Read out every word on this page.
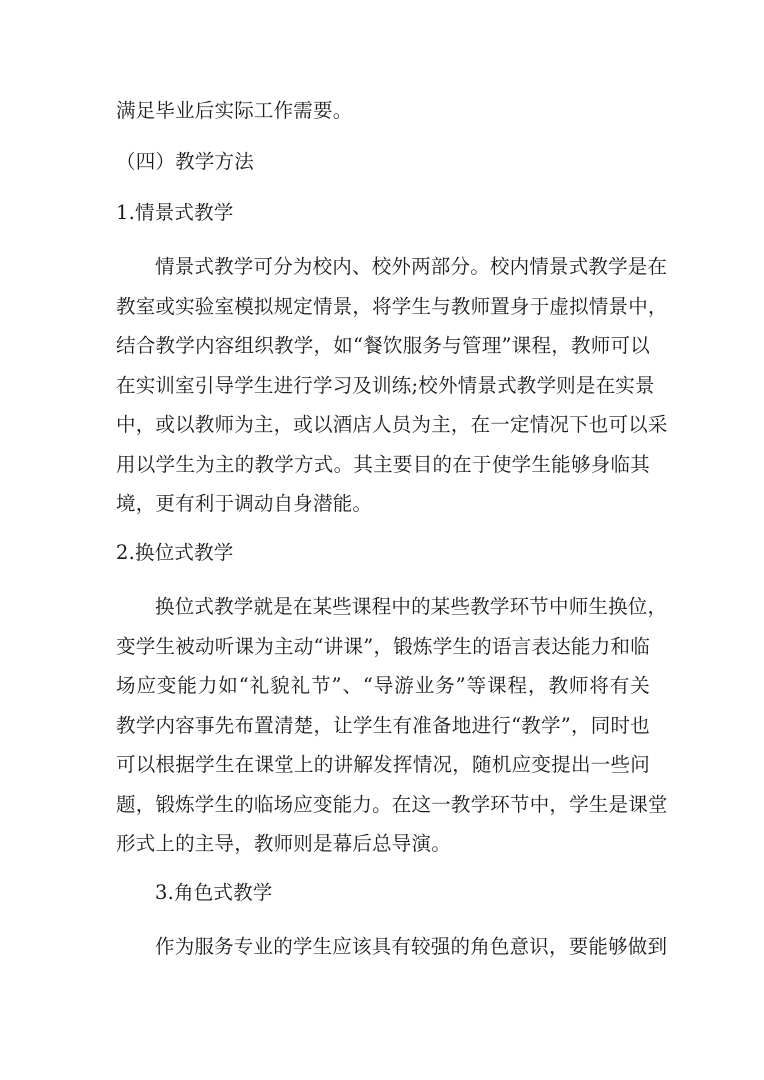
满足毕业后实际工作需要。
（四）教学方法
1.情景式教学
情景式教学可分为校内、校外两部分。校内情景式教学是在
教室或实验室模拟规定情景，将学生与教师置身于虚拟情景中，
结合教学内容组织教学，如“餐饮服务与管理”课程，教师可以
在实训室引导学生进行学习及训练;校外情景式教学则是在实景
中，或以教师为主，或以酒店人员为主，在一定情况下也可以采
用以学生为主的教学方式。其主要目的在于使学生能够身临其
境，更有利于调动自身潜能。
2.换位式教学
换位式教学就是在某些课程中的某些教学环节中师生换位，
变学生被动听课为主动“讲课”，锻炼学生的语言表达能力和临
场应变能力如“礼貌礼节”、“导游业务”等课程，教师将有关
教学内容事先布置清楚，让学生有准备地进行“教学”，同时也
可以根据学生在课堂上的讲解发挥情况，随机应变提出一些问
题，锻炼学生的临场应变能力。在这一教学环节中，学生是课堂
形式上的主导，教师则是幕后总导演。
3.角色式教学
作为服务专业的学生应该具有较强的角色意识，要能够做到
